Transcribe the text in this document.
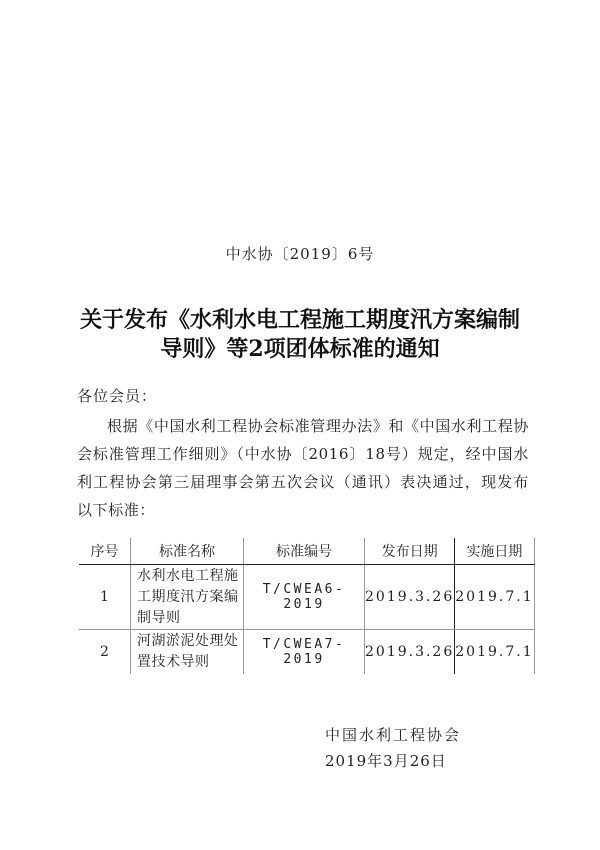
中水协〔2019〕6号
关于发布《水利水电工程施工期度汛方案编制
导则》等2项团体标准的通知
各位会员：
根据《中国水利工程协会标准管理办法》和《中国水利工程协会标准管理工作细则》（中水协〔2016〕18号）规定，经中国水利工程协会第三届理事会第五次会议（通讯）表决通过，现发布以下标准：
序号	标准名称	标准编号	发布日期	实施日期
1	水利水电工程施工期度汛方案编制导则	T/CWEA6-2019	2019.3.26	2019.7.1
2	河湖淤泥处理处置技术导则	T/CWEA7-2019	2019.3.26	2019.7.1
中国水利工程协会
2019年3月26日
